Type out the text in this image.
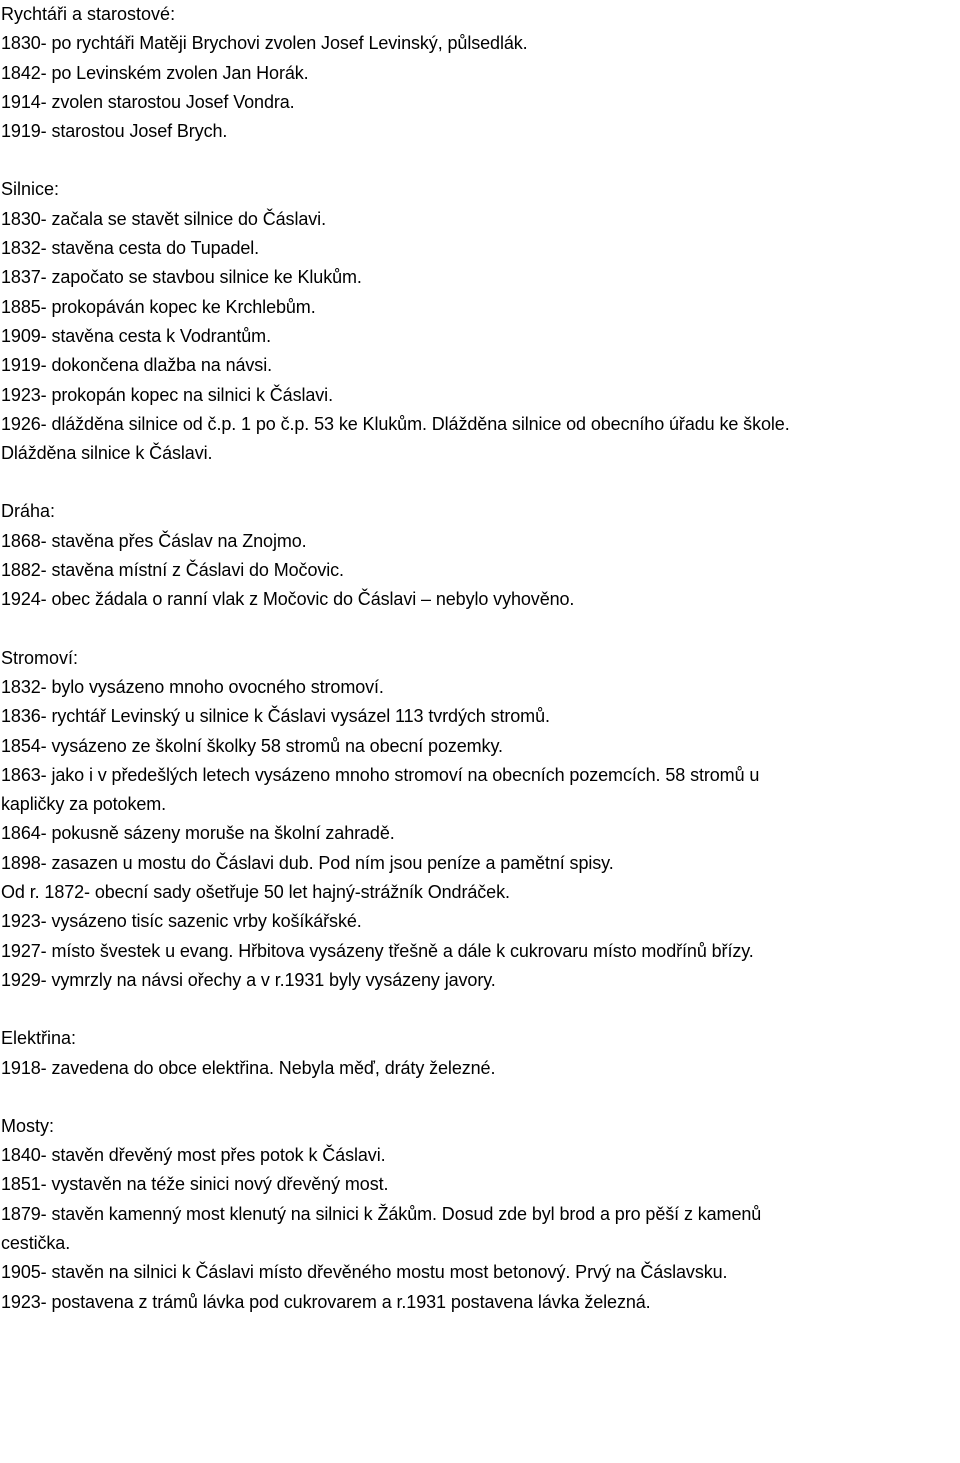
Rychtáři a starostové:
1830- po rychtáři Matěji Brychovi zvolen Josef Levinský, půlsedlák.
1842- po Levinském zvolen Jan Horák.
1914- zvolen starostou Josef Vondra.
1919- starostou Josef Brych.
Silnice:
1830- začala se stavět silnice do Čáslavi.
1832- stavěna cesta do Tupadel.
1837- započato se stavbou silnice ke Klukům.
1885- prokopáván kopec ke Krchlebům.
1909- stavěna cesta k Vodrantům.
1919- dokončena dlažba na návsi.
1923- prokopán kopec na silnici k Čáslavi.
1926- dlážděna silnice od č.p. 1 po č.p. 53 ke Klukům. Dlážděna silnice od obecního úřadu ke škole.
Dlážděna silnice k Čáslavi.
Dráha:
1868- stavěna přes Čáslav na Znojmo.
1882- stavěna místní z Čáslavi do Močovic.
1924- obec žádala o ranní vlak z Močovic do Čáslavi – nebylo vyhověno.
Stromoví:
1832- bylo vysázeno mnoho ovocného stromoví.
1836- rychtář Levinský u silnice k Čáslavi vysázel 113 tvrdých stromů.
1854- vysázeno ze školní školky 58 stromů na obecní pozemky.
1863- jako i v předešlých letech vysázeno mnoho stromoví na obecních pozemcích. 58 stromů u
kapličky za potokem.
1864- pokusně sázeny moruše na školní zahradě.
1898- zasazen u mostu do Čáslavi dub. Pod ním jsou peníze a pamětní spisy.
Od r. 1872- obecní sady ošetřuje 50 let hajný-strážník Ondráček.
1923- vysázeno tisíc sazenic vrby košíkářské.
1927- místo švestek u evang. Hřbitova vysázeny třešně a dále k cukrovaru místo modřínů břízy.
1929- vymrzly na návsi ořechy a v r.1931 byly vysázeny javory.
Elektřina:
1918- zavedena do obce elektřina. Nebyla měď, dráty železné.
Mosty:
1840- stavěn dřevěný most přes potok k Čáslavi.
1851- vystavěn na téže sinici nový dřevěný most.
1879- stavěn kamenný most klenutý na silnici k Žákům. Dosud zde byl brod a pro pěší z kamenů
cestička.
1905- stavěn na silnici k Čáslavi místo dřevěného mostu most betonový. Prvý na Čáslavsku.
1923- postavena z trámů lávka pod cukrovarem a r.1931 postavena lávka železná.
